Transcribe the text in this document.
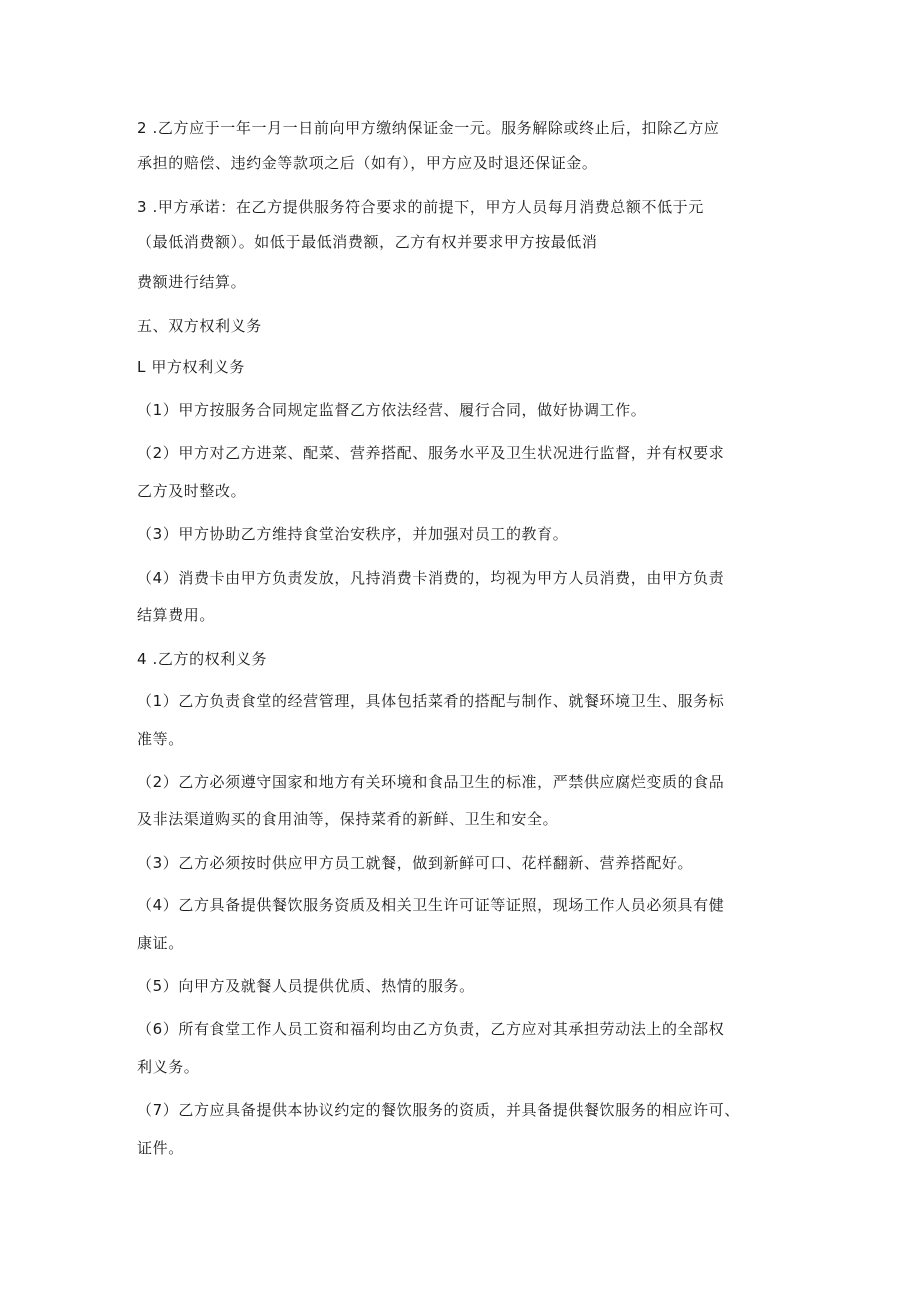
2 .乙方应于一年一月一日前向甲方缴纳保证金一元。服务解除或终止后，扣除乙方应
承担的赔偿、违约金等款项之后（如有），甲方应及时退还保证金。
3 .甲方承诺：在乙方提供服务符合要求的前提下，甲方人员每月消费总额不低于元
（最低消费额）。如低于最低消费额，乙方有权并要求甲方按最低消
费额进行结算。
五、双方权利义务
L 甲方权利义务
（1）甲方按服务合同规定监督乙方依法经营、履行合同，做好协调工作。
（2）甲方对乙方进菜、配菜、营养搭配、服务水平及卫生状况进行监督，并有权要求
乙方及时整改。
（3）甲方协助乙方维持食堂治安秩序，并加强对员工的教育。
（4）消费卡由甲方负责发放，凡持消费卡消费的，均视为甲方人员消费，由甲方负责
结算费用。
4 .乙方的权利义务
（1）乙方负责食堂的经营管理，具体包括菜肴的搭配与制作、就餐环境卫生、服务标
准等。
（2）乙方必须遵守国家和地方有关环境和食品卫生的标准，严禁供应腐烂变质的食品
及非法渠道购买的食用油等，保持菜肴的新鲜、卫生和安全。
（3）乙方必须按时供应甲方员工就餐，做到新鲜可口、花样翻新、营养搭配好。
（4）乙方具备提供餐饮服务资质及相关卫生许可证等证照，现场工作人员必须具有健
康证。
（5）向甲方及就餐人员提供优质、热情的服务。
（6）所有食堂工作人员工资和福利均由乙方负责，乙方应对其承担劳动法上的全部权
利义务。
（7）乙方应具备提供本协议约定的餐饮服务的资质，并具备提供餐饮服务的相应许可、
证件。
